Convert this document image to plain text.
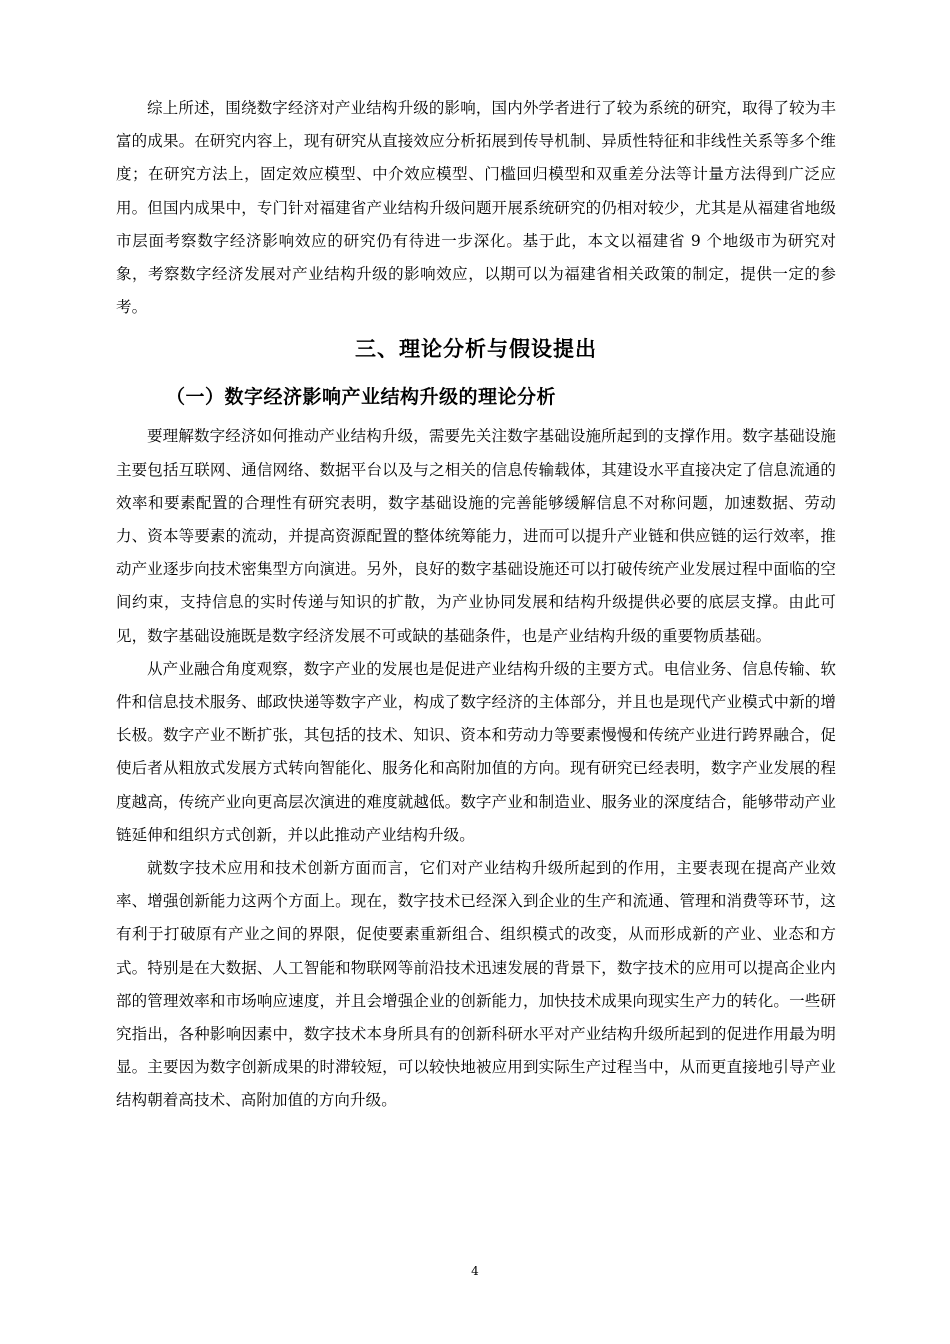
综上所述，围绕数字经济对产业结构升级的影响，国内外学者进行了较为系统的研究，取得了较为丰富的成果。在研究内容上，现有研究从直接效应分析拓展到传导机制、异质性特征和非线性关系等多个维度；在研究方法上，固定效应模型、中介效应模型、门槛回归模型和双重差分法等计量方法得到广泛应用。但国内成果中，专门针对福建省产业结构升级问题开展系统研究的仍相对较少，尤其是从福建省地级市层面考察数字经济影响效应的研究仍有待进一步深化。基于此，本文以福建省 9 个地级市为研究对象，考察数字经济发展对产业结构升级的影响效应，以期可以为福建省相关政策的制定，提供一定的参考。

三、理论分析与假设提出
（一）数字经济影响产业结构升级的理论分析

要理解数字经济如何推动产业结构升级，需要先关注数字基础设施所起到的支撑作用。数字基础设施主要包括互联网、通信网络、数据平台以及与之相关的信息传输载体，其建设水平直接决定了信息流通的效率和要素配置的合理性有研究表明，数字基础设施的完善能够缓解信息不对称问题，加速数据、劳动力、资本等要素的流动，并提高资源配置的整体统筹能力，进而可以提升产业链和供应链的运行效率，推动产业逐步向技术密集型方向演进。另外，良好的数字基础设施还可以打破传统产业发展过程中面临的空间约束，支持信息的实时传递与知识的扩散，为产业协同发展和结构升级提供必要的底层支撑。由此可见，数字基础设施既是数字经济发展不可或缺的基础条件，也是产业结构升级的重要物质基础。

从产业融合角度观察，数字产业的发展也是促进产业结构升级的主要方式。电信业务、信息传输、软件和信息技术服务、邮政快递等数字产业，构成了数字经济的主体部分，并且也是现代产业模式中新的增长极。数字产业不断扩张，其包括的技术、知识、资本和劳动力等要素慢慢和传统产业进行跨界融合，促使后者从粗放式发展方式转向智能化、服务化和高附加值的方向。现有研究已经表明，数字产业发展的程度越高，传统产业向更高层次演进的难度就越低。数字产业和制造业、服务业的深度结合，能够带动产业链延伸和组织方式创新，并以此推动产业结构升级。

就数字技术应用和技术创新方面而言，它们对产业结构升级所起到的作用，主要表现在提高产业效率、增强创新能力这两个方面上。现在，数字技术已经深入到企业的生产和流通、管理和消费等环节，这有利于打破原有产业之间的界限，促使要素重新组合、组织模式的改变，从而形成新的产业、业态和方式。特别是在大数据、人工智能和物联网等前沿技术迅速发展的背景下，数字技术的应用可以提高企业内部的管理效率和市场响应速度，并且会增强企业的创新能力，加快技术成果向现实生产力的转化。一些研究指出，各种影响因素中，数字技术本身所具有的创新科研水平对产业结构升级所起到的促进作用最为明显。主要因为数字创新成果的时滞较短，可以较快地被应用到实际生产过程当中，从而更直接地引导产业结构朝着高技术、高附加值的方向升级。

4
